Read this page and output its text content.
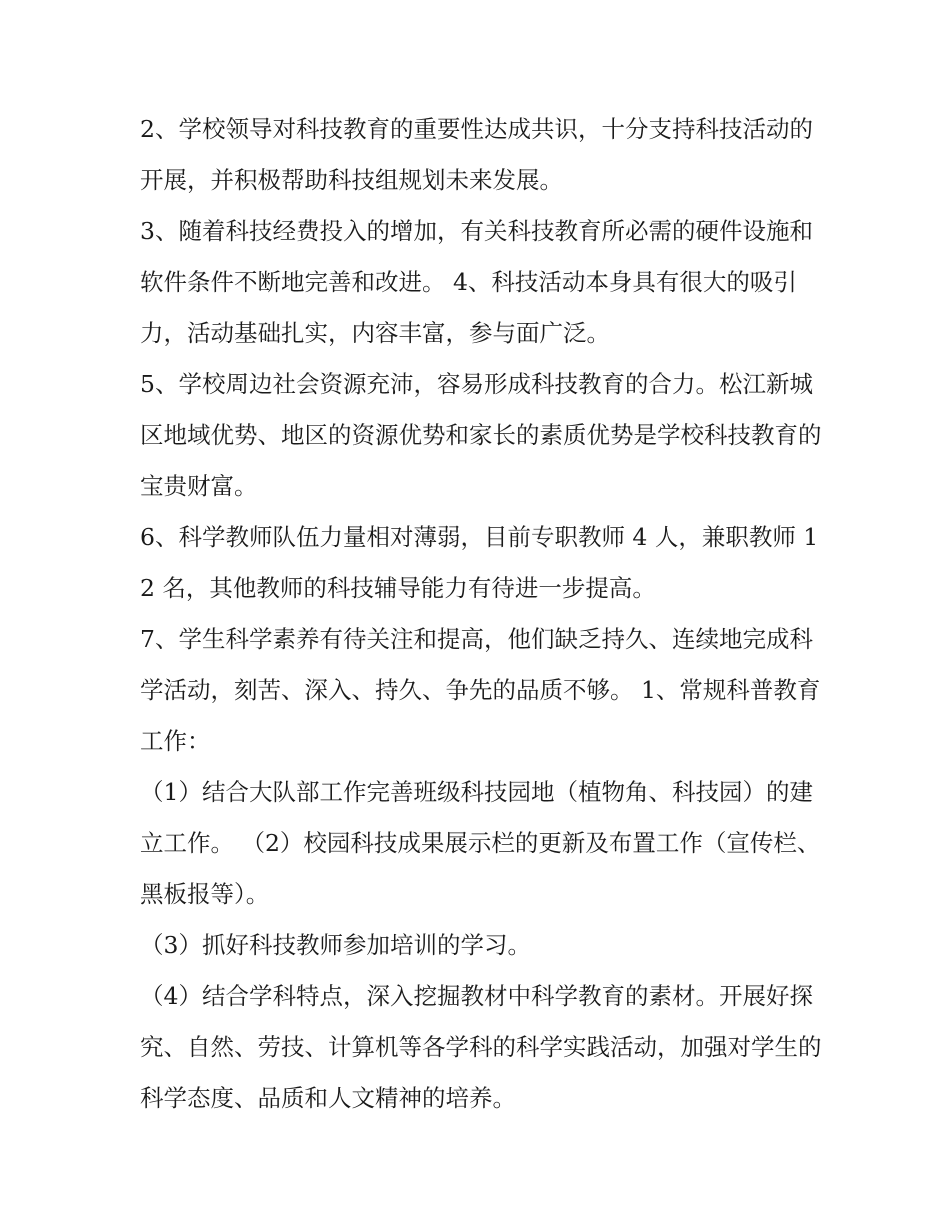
2、学校领导对科技教育的重要性达成共识，十分支持科技活动的开展，并积极帮助科技组规划未来发展。

3、随着科技经费投入的增加，有关科技教育所必需的硬件设施和软件条件不断地完善和改进。 4、科技活动本身具有很大的吸引力，活动基础扎实，内容丰富，参与面广泛。

5、学校周边社会资源充沛，容易形成科技教育的合力。松江新城区地域优势、地区的资源优势和家长的素质优势是学校科技教育的宝贵财富。

6、科学教师队伍力量相对薄弱，目前专职教师 4 人，兼职教师 12 名，其他教师的科技辅导能力有待进一步提高。

7、学生科学素养有待关注和提高，他们缺乏持久、连续地完成科学活动，刻苦、深入、持久、争先的品质不够。 1、常规科普教育工作：

（1）结合大队部工作完善班级科技园地（植物角、科技园）的建立工作。 （2）校园科技成果展示栏的更新及布置工作（宣传栏、黑板报等）。

（3）抓好科技教师参加培训的学习。

（4）结合学科特点，深入挖掘教材中科学教育的素材。开展好探究、自然、劳技、计算机等各学科的科学实践活动，加强对学生的科学态度、品质和人文精神的培养。
